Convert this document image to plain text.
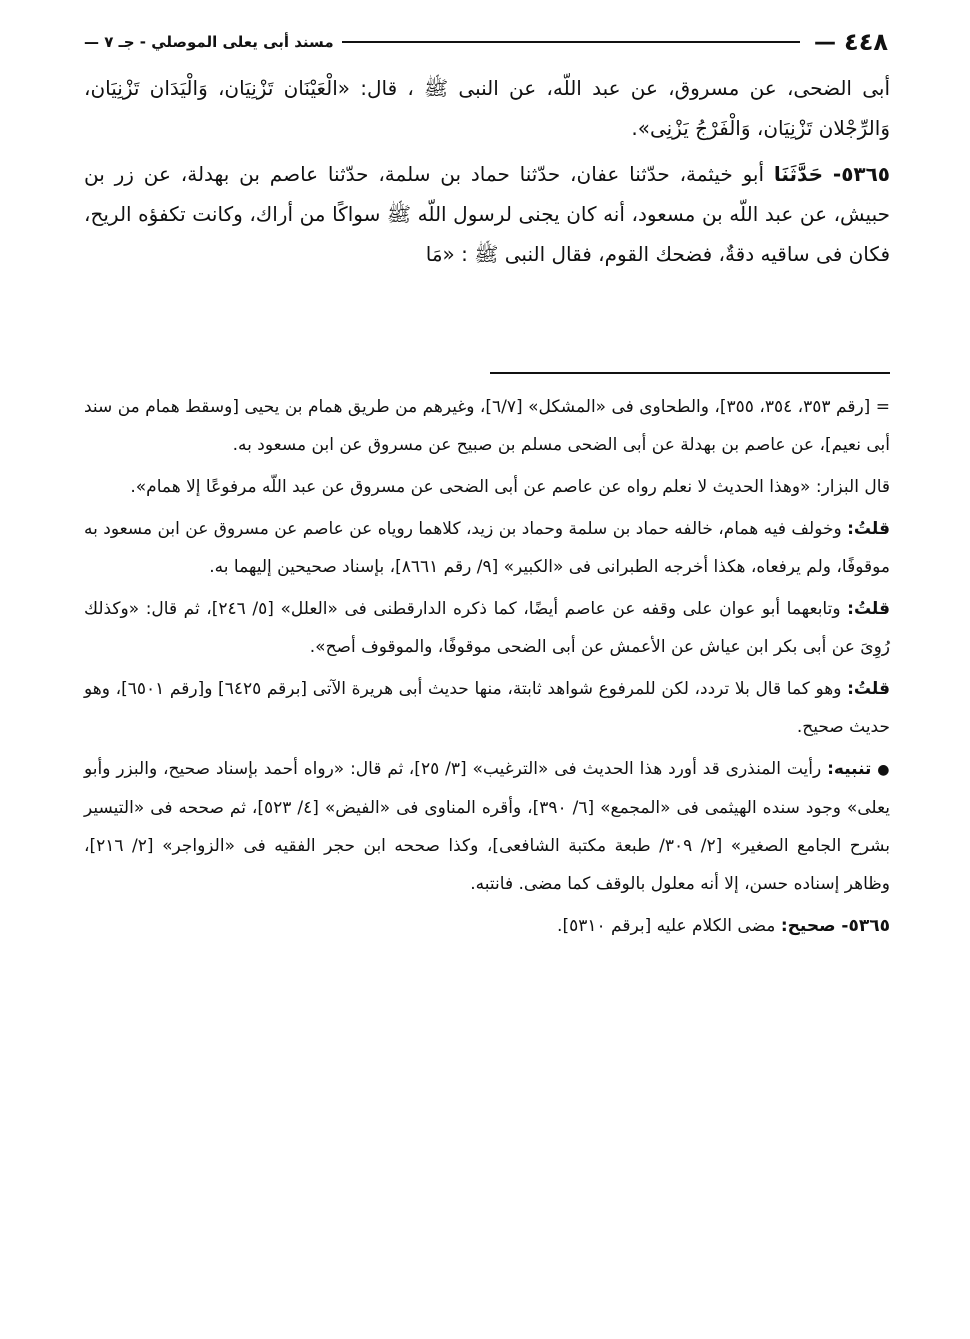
٤٤٨
—
مسند أبى يعلى الموصلي - جـ ٧ —

أبى الضحى، عن مسروق، عن عبد اللّه، عن النبى ﷺ ، قال: «الْعَيْنَان تَزْنِيَان، وَالْيَدَان تَزْنِيَان، وَالرِّجْلان تَزْنِيَان، وَالْفَرْجُ يَزْنِى».

٥٣٦٥- حَدَّثَنَا أبو خيثمة، حدّثنا عفان، حدّثنا حماد بن سلمة، حدّثنا عاصم بن بهدلة، عن زر بن حبيش، عن عبد اللّه بن مسعود، أنه كان يجنى لرسول اللّه ﷺ سواكًا من أراك، وكانت تكفؤه الريح، فكان فى ساقيه دقةٌ، فضحك القوم، فقال النبى ﷺ : «مَا

= [رقم ٣٥٣، ٣٥٤، ٣٥٥]، والطحاوى فى «المشكل» [٦/٧]، وغيرهم من طريق همام بن يحيى [وسقط همام من سند أبى نعيم]، عن عاصم بن بهدلة عن أبى الضحى مسلم بن صبيح عن مسروق عن ابن مسعود به.

قال البزار: «وهذا الحديث لا نعلم رواه عن عاصم عن أبى الضحى عن مسروق عن عبد اللّه مرفوعًا إلا همام».

قلتُ: وخولف فيه همام، خالفه حماد بن سلمة وحماد بن زيد، كلاهما روياه عن عاصم عن مسروق عن ابن مسعود به موقوفًا، ولم يرفعاه، هكذا أخرجه الطبرانى فى «الكبير» [٩/ رقم ٨٦٦١]، بإسناد صحيحين إليهما به.

قلتُ: وتابعهما أبو عوان على وقفه عن عاصم أيضًا، كما ذكره الدارقطنى فى «العلل» [٥/ ٢٤٦]، ثم قال: «وكذلك رُوِىَ عن أبى بكر ابن عياش عن الأعمش عن أبى الضحى موقوفًا، والموقوف أصح».

قلتُ: وهو كما قال بلا تردد، لكن للمرفوع شواهد ثابتة، منها حديث أبى هريرة الآتى [برقم ٦٤٢٥] و[رقم ٦٥٠١]، وهو حديث صحيح.

● تنبيه: رأيت المنذرى قد أورد هذا الحديث فى «الترغيب» [٣/ ٢٥]، ثم قال: «رواه أحمد بإسناد صحيح، والبزر وأبو يعلى» وجود سنده الهيثمى فى «المجمع» [٦/ ٣٩٠]، وأقره المناوى فى «الفيض» [٤/ ٥٢٣]، ثم صححه فى «التيسير بشرح الجامع الصغير» [٢/ ٣٠٩/ طبعة مكتبة الشافعى]، وكذا صححه ابن حجر الفقيه فى «الزواجر» [٢/ ٢١٦]، وظاهر إسناده حسن، إلا أنه معلول بالوقف كما مضى. فانتبه.

٥٣٦٥- صحيح: مضى الكلام عليه [برقم ٥٣١٠].
